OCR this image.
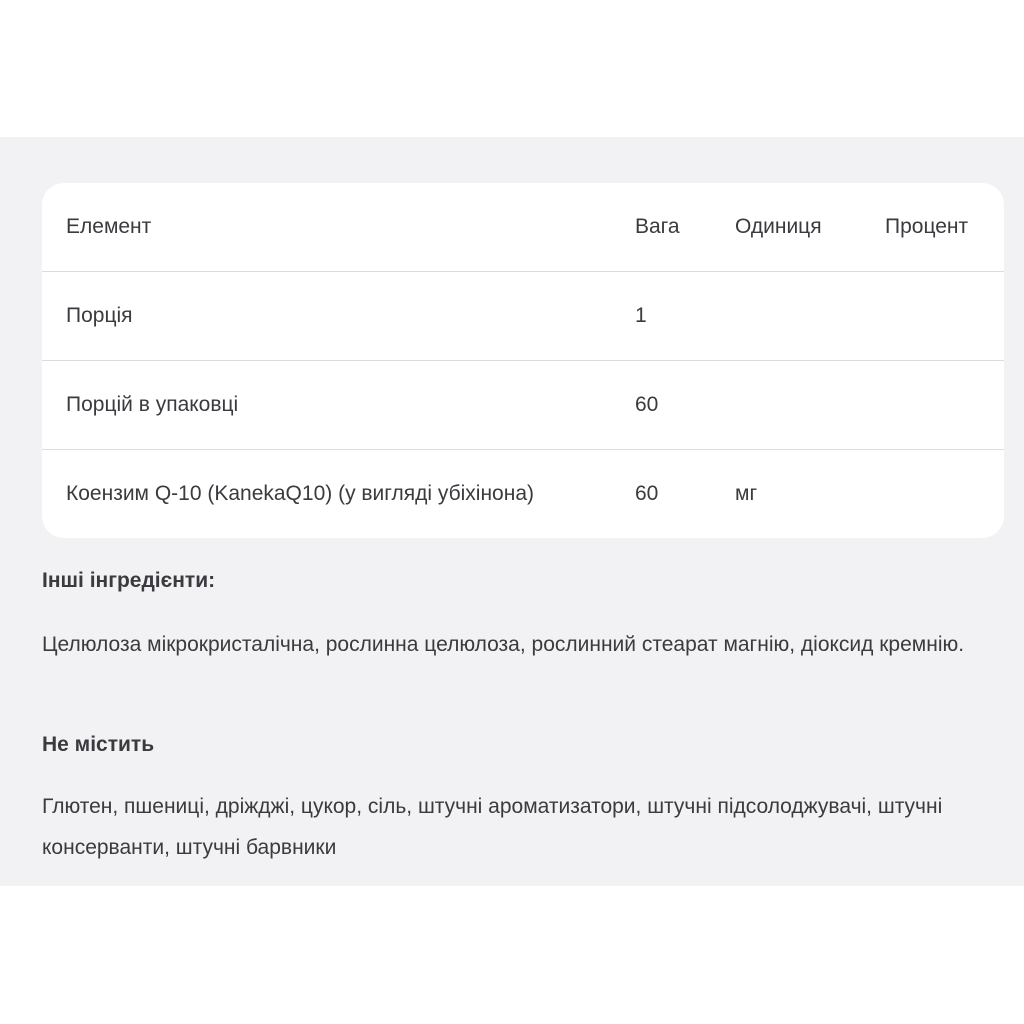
Елемент	Вага	Одиниця	Процент
Порція	1
Порцій в упаковці	60
Коензим Q-10 (KanekaQ10) (у вигляді убіхінона)	60	мг
Інші інгредієнти:
Целюлоза мікрокристалічна, рослинна целюлоза, рослинний стеарат магнію, діоксид кремнію.
Не містить
Глютен, пшениці, дріжджі, цукор, сіль, штучні ароматизатори, штучні підсолоджувачі, штучні консерванти, штучні барвники
